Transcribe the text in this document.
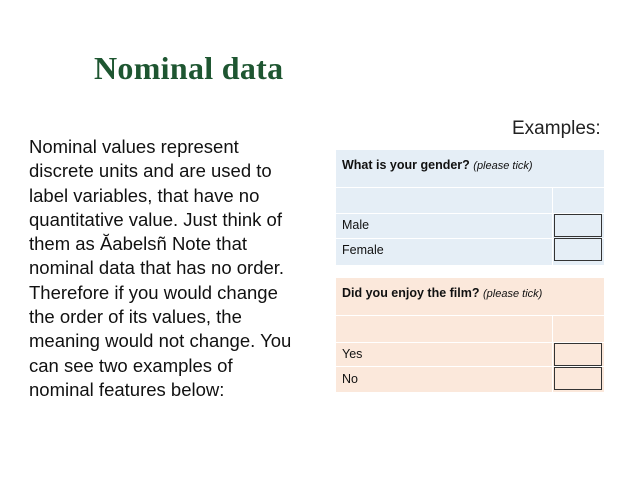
Nominal data

Nominal values represent

discrete units and are used to

label variables, that have no

quantitative value. Just think of

them as Ăabelsñ Note that

nominal data that has no order.

Therefore if you would change

the order of its values, the

meaning would not change. You

can see two examples of

nominal features below:

Examples:
What is your gender? (please tick)
Male
Female
Did you enjoy the film? (please tick)
Yes
No
